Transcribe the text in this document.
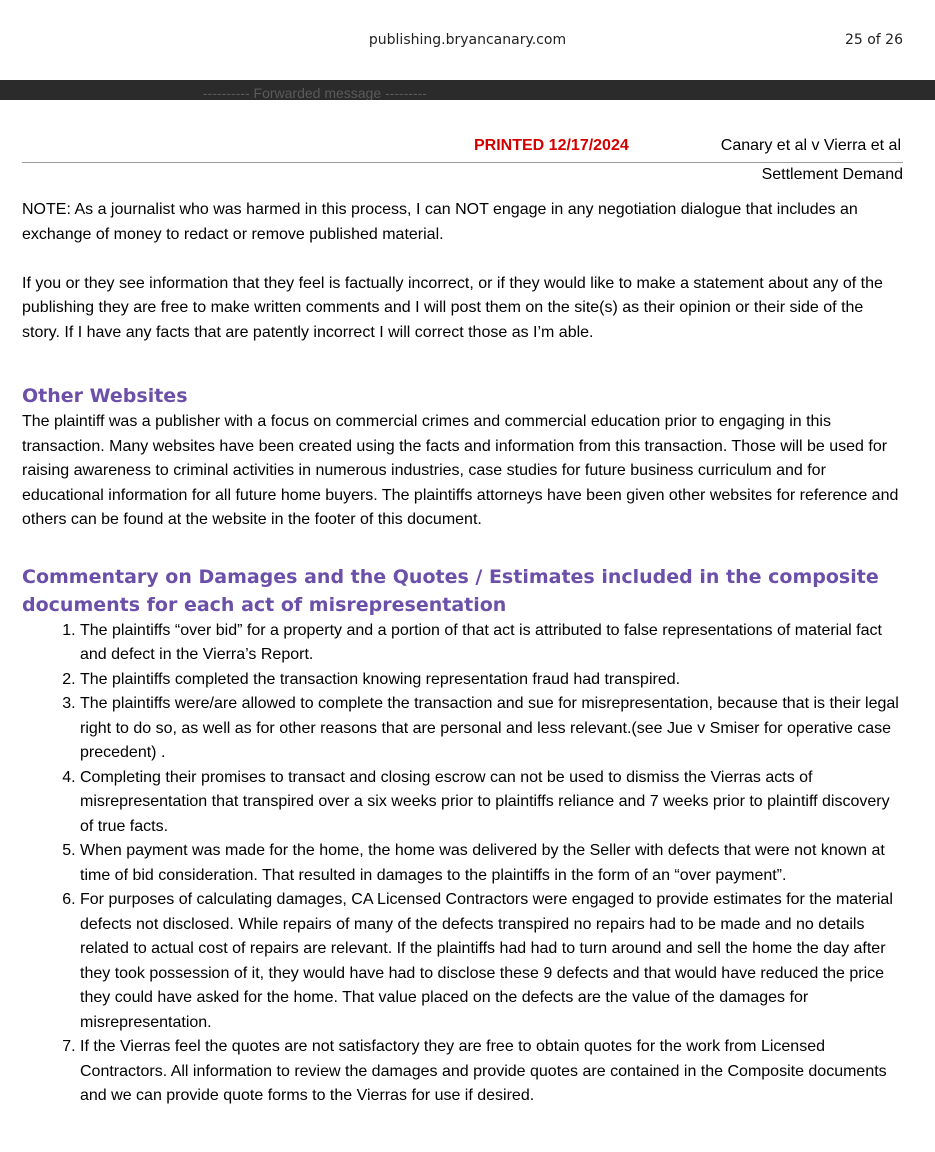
publishing.bryancanary.com	25 of 26
---------- Forwarded message ---------
PRINTED 12/17/2024	Canary et al v Vierra et al
Settlement Demand

NOTE: As a journalist who was harmed in this process, I can NOT engage in any negotiation dialogue that includes an exchange of money to redact or remove published material.

If you or they see information that they feel is factually incorrect, or if they would like to make a statement about any of the publishing they are free to make written comments and I will post them on the site(s) as their opinion or their side of the story. If I have any facts that are patently incorrect I will correct those as I’m able.

Other Websites

The plaintiff was a publisher with a focus on commercial crimes and commercial education prior to engaging in this transaction. Many websites have been created using the facts and information from this transaction. Those will be used for raising awareness to criminal activities in numerous industries, case studies for future business curriculum and for educational information for all future home buyers. The plaintiffs attorneys have been given other websites for reference and others can be found at the website in the footer of this document.

Commentary on Damages and the Quotes / Estimates included in the composite documents for each act of misrepresentation
1. The plaintiffs “over bid” for a property and a portion of that act is attributed to false representations of material fact and defect in the Vierra’s Report.
2. The plaintiffs completed the transaction knowing representation fraud had transpired.
3. The plaintiffs were/are allowed to complete the transaction and sue for misrepresentation, because that is their legal right to do so, as well as for other reasons that are personal and less relevant.(see Jue v Smiser for operative case precedent) .
4. Completing their promises to transact and closing escrow can not be used to dismiss the Vierras acts of misrepresentation that transpired over a six weeks prior to plaintiffs reliance and 7 weeks prior to plaintiff discovery of true facts.
5. When payment was made for the home, the home was delivered by the Seller with defects that were not known at time of bid consideration. That resulted in damages to the plaintiffs in the form of an “over payment”.
6. For purposes of calculating damages, CA Licensed Contractors were engaged to provide estimates for the material defects not disclosed. While repairs of many of the defects transpired no repairs had to be made and no details related to actual cost of repairs are relevant. If the plaintiffs had had to turn around and sell the home the day after they took possession of it, they would have had to disclose these 9 defects and that would have reduced the price they could have asked for the home. That value placed on the defects are the value of the damages for misrepresentation.
7. If the Vierras feel the quotes are not satisfactory they are free to obtain quotes for the work from Licensed Contractors. All information to review the damages and provide quotes are contained in the Composite documents and we can provide quote forms to the Vierras for use if desired.
